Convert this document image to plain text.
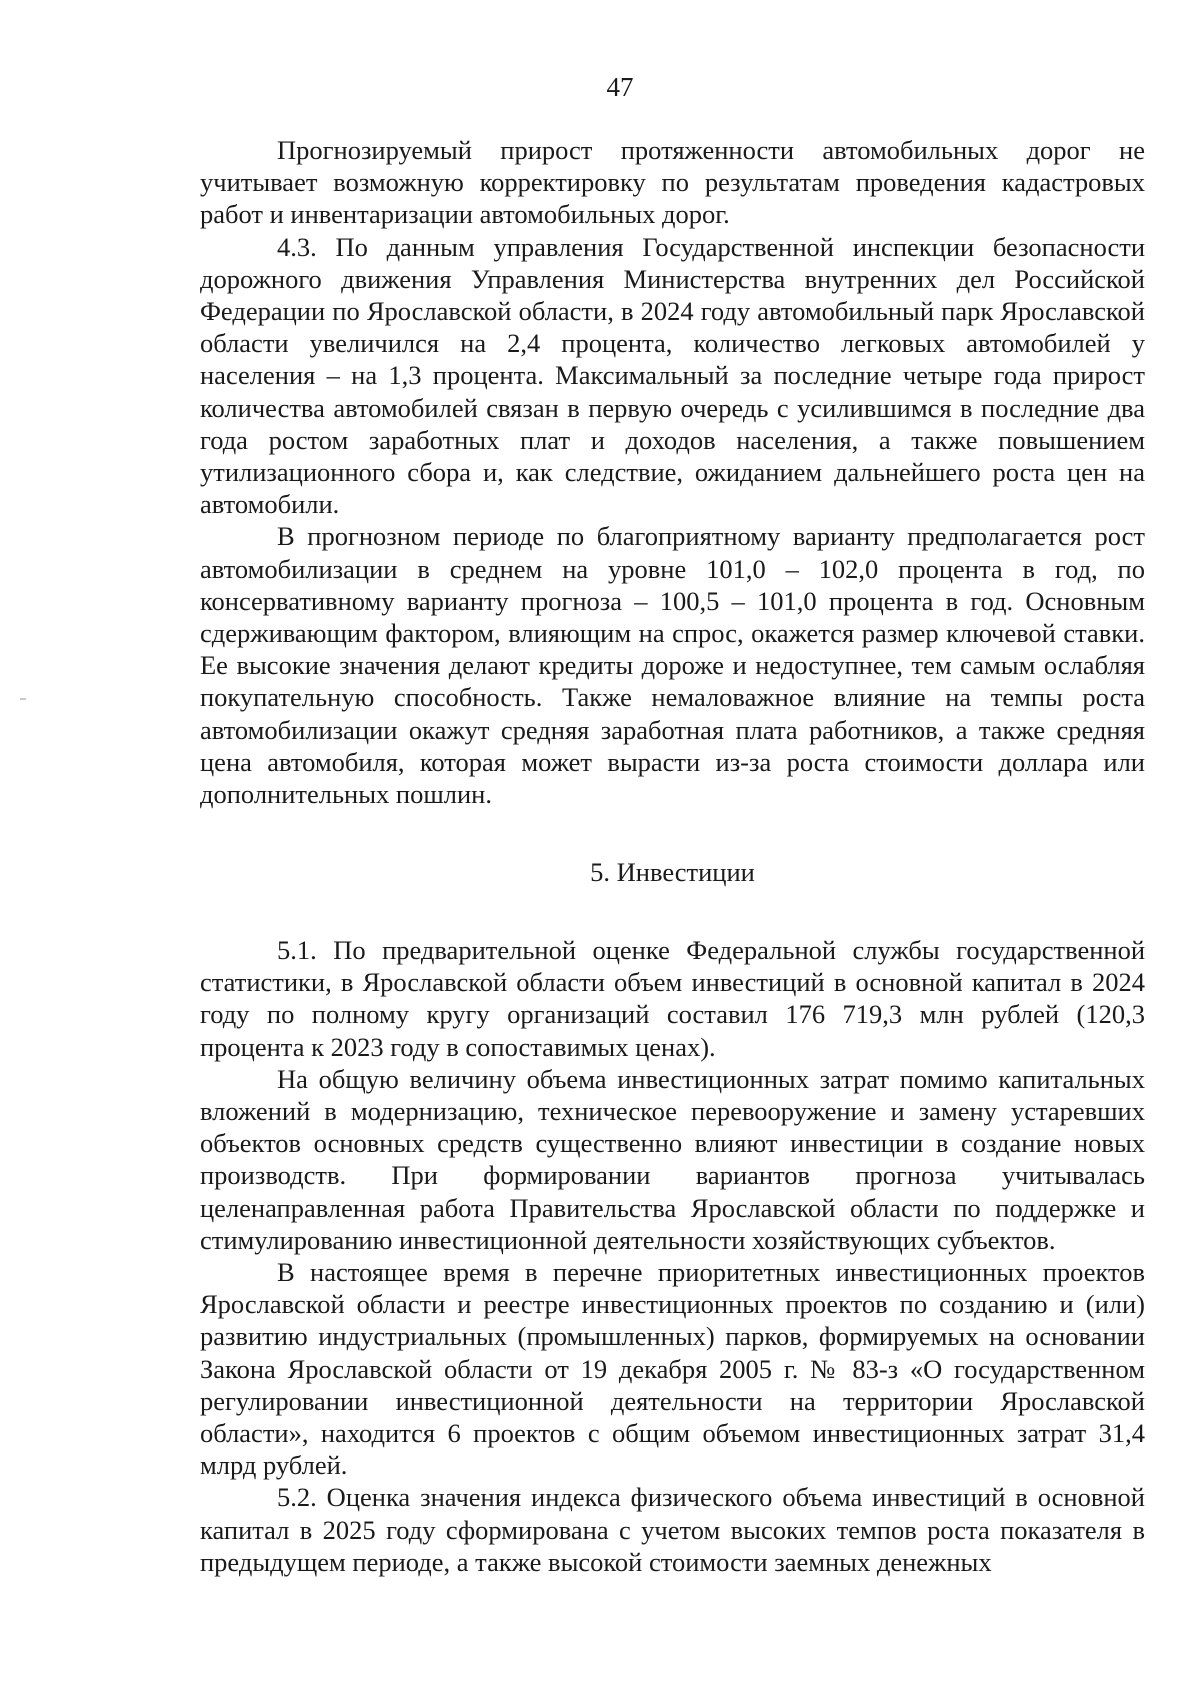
47

Прогнозируемый прирост протяженности автомобильных дорог не учитывает возможную корректировку по результатам проведения кадастровых работ и инвентаризации автомобильных дорог.

4.3. По данным управления Государственной инспекции безопасности дорожного движения Управления Министерства внутренних дел Российской Федерации по Ярославской области, в 2024 году автомобильный парк Ярославской области увеличился на 2,4 процента, количество легковых автомобилей у населения – на 1,3 процента. Максимальный за последние четыре года прирост количества автомобилей связан в первую очередь с усилившимся в последние два года ростом заработных плат и доходов населения, а также повышением утилизационного сбора и, как следствие, ожиданием дальнейшего роста цен на автомобили.

В прогнозном периоде по благоприятному варианту предполагается рост автомобилизации в среднем на уровне 101,0 – 102,0 процента в год, по консервативному варианту прогноза – 100,5 – 101,0 процента в год. Основным сдерживающим фактором, влияющим на спрос, окажется размер ключевой ставки. Ее высокие значения делают кредиты дороже и недоступнее, тем самым ослабляя покупательную способность. Также немаловажное влияние на темпы роста автомобилизации окажут средняя заработная плата работников, а также средняя цена автомобиля, которая может вырасти из-за роста стоимости доллара или дополнительных пошлин.

5. Инвестиции

5.1. По предварительной оценке Федеральной службы государственной статистики, в Ярославской области объем инвестиций в основной капитал в 2024 году по полному кругу организаций составил 176 719,3 млн рублей (120,3 процента к 2023 году в сопоставимых ценах).

На общую величину объема инвестиционных затрат помимо капитальных вложений в модернизацию, техническое перевооружение и замену устаревших объектов основных средств существенно влияют инвестиции в создание новых производств. При формировании вариантов прогноза учитывалась целенаправленная работа Правительства Ярославской области по поддержке и стимулированию инвестиционной деятельности хозяйствующих субъектов.

В настоящее время в перечне приоритетных инвестиционных проектов Ярославской области и реестре инвестиционных проектов по созданию и (или) развитию индустриальных (промышленных) парков, формируемых на основании Закона Ярославской области от 19 декабря 2005 г. № 83-з «О государственном регулировании инвестиционной деятельности на территории Ярославской области», находится 6 проектов с общим объемом инвестиционных затрат 31,4 млрд рублей.

5.2. Оценка значения индекса физического объема инвестиций в основной капитал в 2025 году сформирована с учетом высоких темпов роста показателя в предыдущем периоде, а также высокой стоимости заемных денежных
